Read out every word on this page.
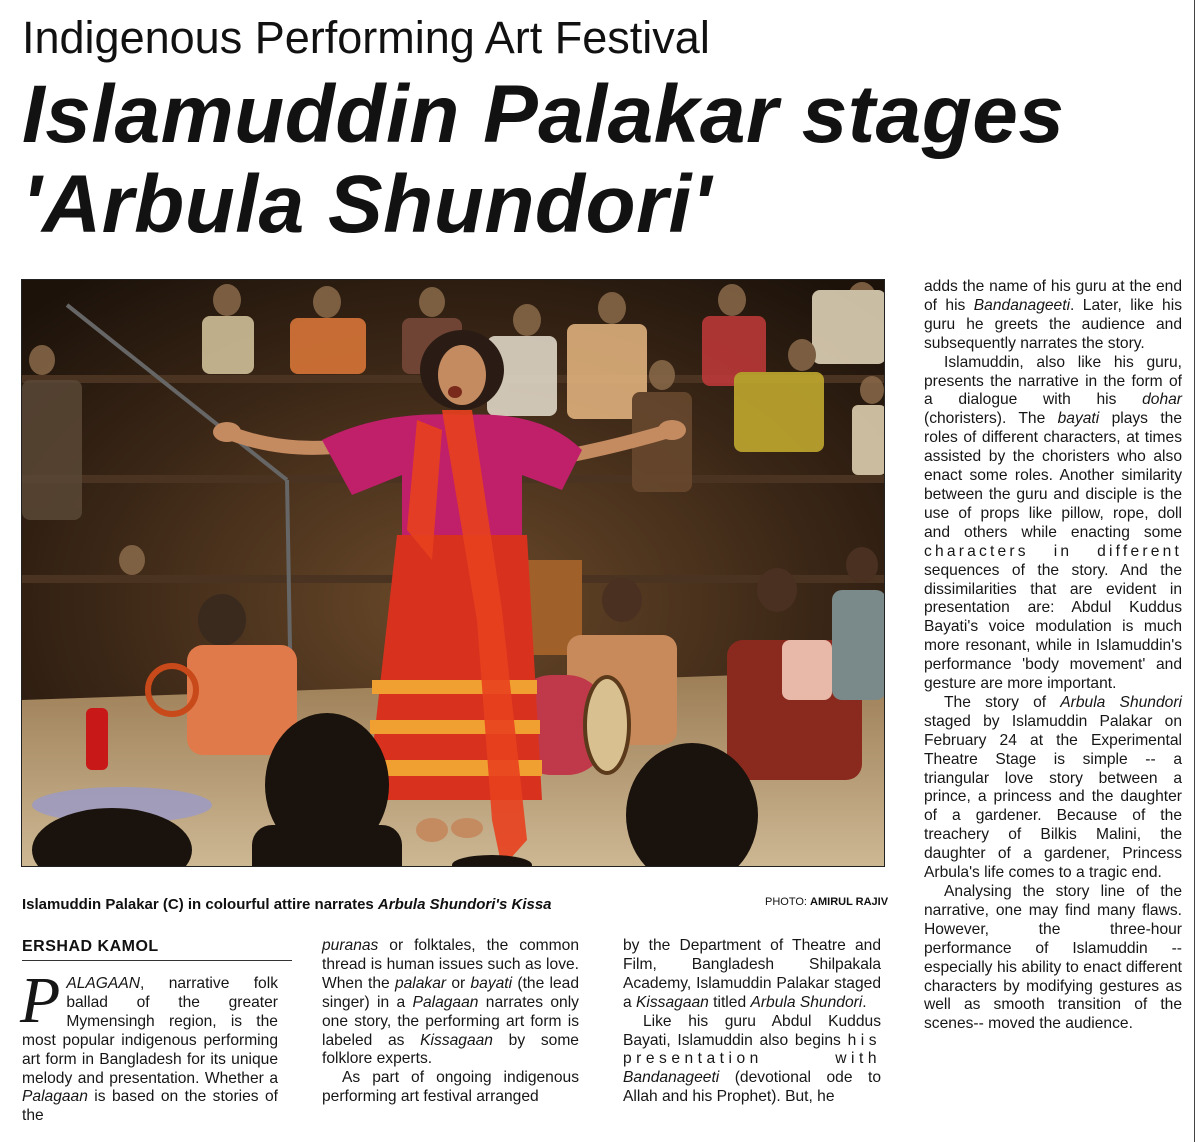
Indigenous Performing Art Festival
Islamuddin Palakar stages
'Arbula Shundori'
Islamuddin Palakar (C) in colourful attire narrates Arbula Shundori's Kissa	PHOTO: AMIRUL RAJIV
ERSHAD KAMOL

PALAGAAN, narrative folk ballad of the greater Mymensingh region, is the most popular indigenous performing art form in Bangladesh for its unique melody and presentation. Whether a Palagaan is based on the stories of the

puranas or folktales, the common thread is human issues such as love. When the palakar or bayati (the lead singer) in a Palagaan narrates only one story, the performing art form is labeled as Kissagaan by some folklore experts.

As part of ongoing indigenous performing art festival arranged

by the Department of Theatre and Film, Bangladesh Shilpakala Academy, Islamuddin Palakar staged a Kissagaan titled Arbula Shundori.

Like his guru Abdul Kuddus Bayati, Islamuddin also begins his presentation with Bandanageeti (devotional ode to Allah and his Prophet). But, he

adds the name of his guru at the end of his Bandanageeti. Later, like his guru he greets the audience and subsequently narrates the story.

Islamuddin, also like his guru, presents the narrative in the form of a dialogue with his dohar (choristers). The bayati plays the roles of different characters, at times assisted by the choristers who also enact some roles. Another similarity between the guru and disciple is the use of props like pillow, rope, doll and others while enacting some characters in different sequences of the story. And the dissimilarities that are evident in presentation are: Abdul Kuddus Bayati's voice modulation is much more resonant, while in Islamuddin's performance 'body movement' and gesture are more important.

The story of Arbula Shundori staged by Islamuddin Palakar on February 24 at the Experimental Theatre Stage is simple -- a triangular love story between a prince, a princess and the daughter of a gardener. Because of the treachery of Bilkis Malini, the daughter of a gardener, Princess Arbula's life comes to a tragic end.

Analysing the story line of the narrative, one may find many flaws. However, the three-hour performance of Islamuddin -- especially his ability to enact different characters by modifying gestures as well as smooth transition of the scenes-- moved the audience.
